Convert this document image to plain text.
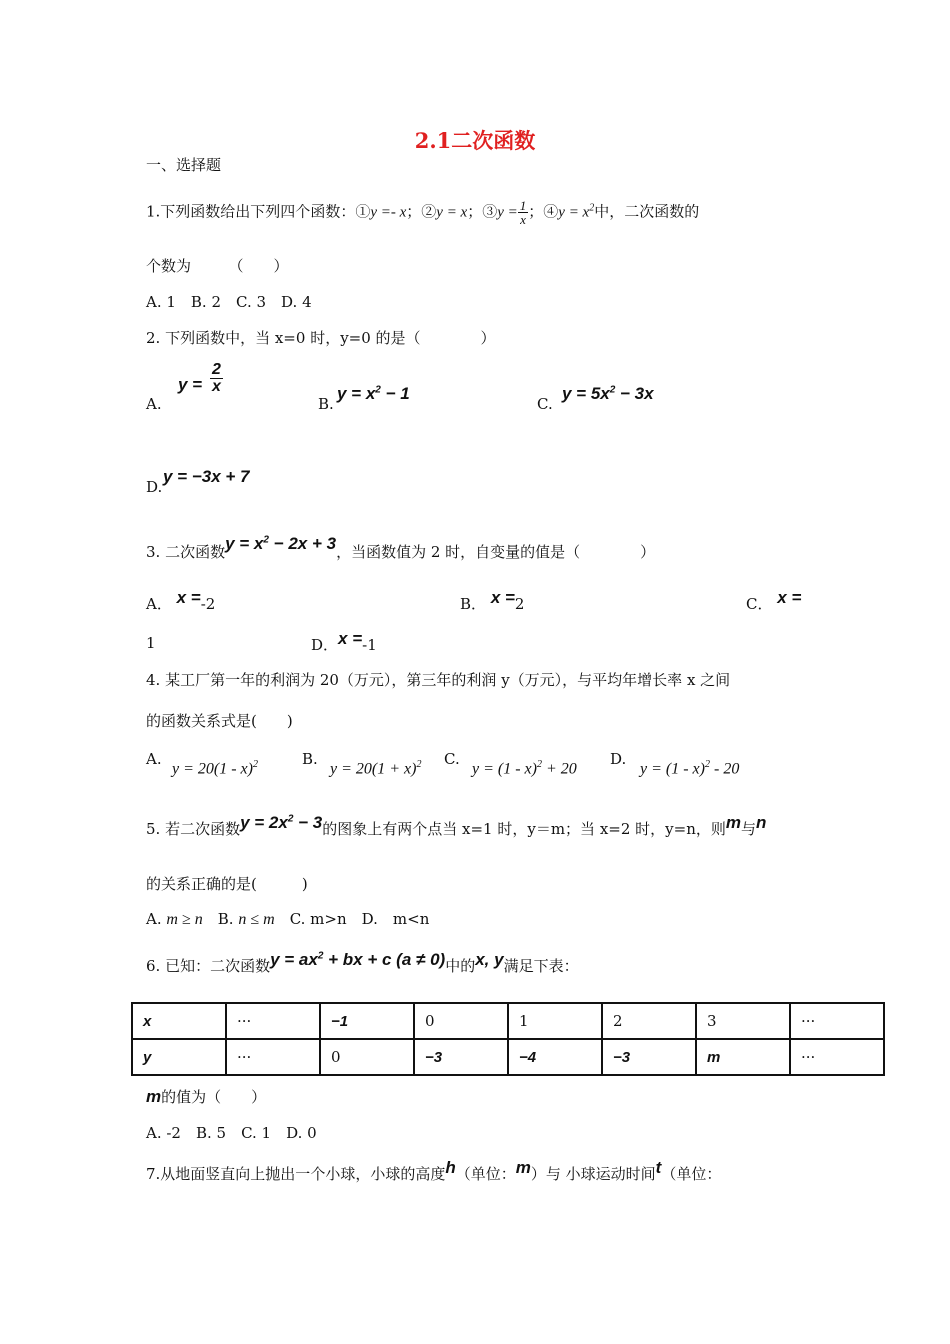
2.1二次函数
一、选择题
1.下列函数给出下列四个函数：①y =- x；②y = x；③y = $\frac{1}{x}$ ；④y = $x^2$中，二次函数的
个数为　　　（　　）
A. 1　B. 2　C. 3　D. 4
2. 下列函数中，当 x=0 时，y=0 的是（　　　　）
A.
$y = \frac{2}{x}$
B.
$y = x^2 - 1$
C.
$y = 5x^2 - 3x$
D.
y = −3x + 7
3. 二次函数$y = x^2 - 2x + 3$，当函数值为 2 时，自变量的值是（　　　　）
A． x =-2	B． x =2	C． x =
1	D．x =-1
4. 某工厂第一年的利润为 20（万元），第三年的利润 y（万元），与平均年增长率 x 之间
的函数关系式是(　　)
A.
y = 20(1 - x)$^2$	B.
$y = 20(1 + x)^2$ C.
y = (1 - x)$^2$ + 20
D.
y = (1 - x)$^2$ - 20
5. 若二次函数$y = 2x^2 - 3$的图象上有两个点当 x=1 时，y＝m；当 x=2 时，y=n，则m与n
的关系正确的是(　　　)
A. m ≥ n　 B. n ≤ m　 C. m>n　 D.　m<n
6. 已知：二次函数$y = ax^2$ + bx + c (a ≠ 0)中的x, y满足下表：
x	···	−1	0	1	2	3	···
y	···	0	−3	−4	−3	m	···
m的值为（　　）
A. -2　B. 5　C. 1　D. 0
7.从地面竖直向上抛出一个小球，小球的高度h（单位：m）与 小球运动时间t（单位：
